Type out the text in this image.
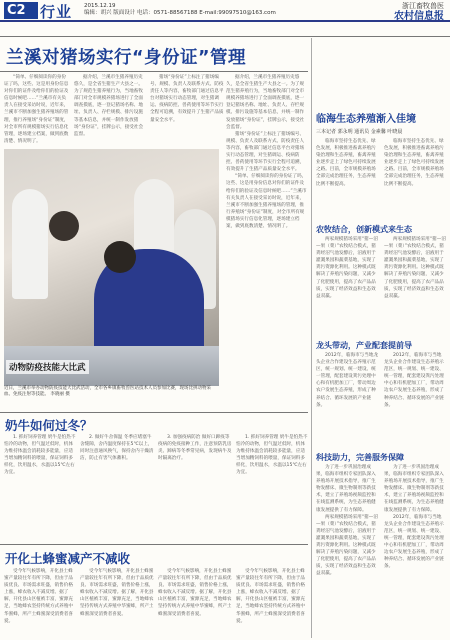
C2 行业 2015.12.19
编辑：胡兴 版面设计 电话：0571-88567188 E-mail:99097510@163.com
浙江畜牧兽医
农村信息报
兰溪对猪场实行“身份证”管理

“简单、仔细阅读你的身份证了吗，这些、这是用身份信息对你们的证件及给你们的验证及信息时候吧……”兰溪市有关负责人在接受采访时说，近年来，兰溪市不断加强生猪养殖场的管理，推行养殖场“身份证”制度，对全市所有规模猪场实行信息化管理，逐场建立档案，做到底数清楚、情况明了。

据介绍，兰溪市生猪养殖历史悠久，是全省生猪生产大县之一。为了规范生猪养殖行为，当地畜牧部门对全市规模养猪场进行了全面调查摸底，逐一登记猪场名称、地址、负责人、存栏规模、排污设施等基本信息，并统一制作发放猪场“身份证”，挂牌公示，接受社会监督。

猪场“身份证”上标注了猪场编号、规模、负责人及联系方式、防疫责任人等内容，畜牧部门通过信息平台对猪场实行动态管理，对生猪调运、疫病防控、兽药使用等环节实行全程可追溯，有效提升了生猪产品质量安全水平。

据介绍，兰溪市生猪养殖历史悠久，是全省生猪生产大县之一。为了规范生猪养殖行为，当地畜牧部门对全市规模养猪场进行了全面调查摸底，逐一登记猪场名称、地址、负责人、存栏规模、排污设施等基本信息，并统一制作发放猪场“身份证”，挂牌公示，接受社会监督。

猪场“身份证”上标注了猪场编号、规模、负责人及联系方式、防疫责任人等内容，畜牧部门通过信息平台对猪场实行动态管理，对生猪调运、疫病防控、兽药使用等环节实行全程可追溯，有效提升了生猪产品质量安全水平。

“简单、仔细阅读你的身份证了吗，这些、这是用身份信息对你们的证件及给你们的验证及信息时候吧……”兰溪市有关负责人在接受采访时说，近年来，兰溪市不断加强生猪养殖场的管理，推行养殖场“身份证”制度，对全市所有规模猪场实行信息化管理，逐场建立档案，做到底数清楚、情况明了。

动物防疫技能大比武
近日，兰溪市举办动物防疫技能大比武活动，全市各乡镇畜牧兽医站技术人员参加比赛，现场比拼动物采血、免疫注射等技能。 李晓丽 摄
奶牛如何过冬？

1. 抓好饲养管理 奶牛是怕热不怕冷的动物，但气温过低时，机体为维持体温会消耗较多能量，应适当增加精饲料的喂量，保证饲料多样化，饮用温水，水温以15℃左右为宜。

2. 做好牛舍保温 冬季应堵塞牛舍缝隙，舍内温度保持在5℃以上，同时注意通风换气，保持舍内干燥清洁，防止有害气体蓄积。

3. 加强疫病防治 做好口蹄疫等疫病的免疫接种工作，注意预防乳房炎、蹄病等冬季常见病，发现病牛及时隔离治疗。

1. 抓好饲养管理 奶牛是怕热不怕冷的动物，但气温过低时，机体为维持体温会消耗较多能量，应适当增加精饲料的喂量，保证饲料多样化，饮用温水，水温以15℃左右为宜。

开化土蜂蜜减产不减收

受今年气候影响，开化县土蜂蜜产量较往年有所下降，但由于品质优良、市场需求旺盛，销售价格上涨，蜂农收入不减反增。据了解，开化县山区植被丰富，蜜源充足，当地蜂农坚持传统方式养殖中华蜜蜂，所产土蜂蜜深受消费者喜爱。

受今年气候影响，开化县土蜂蜜产量较往年有所下降，但由于品质优良、市场需求旺盛，销售价格上涨，蜂农收入不减反增。据了解，开化县山区植被丰富，蜜源充足，当地蜂农坚持传统方式养殖中华蜜蜂，所产土蜂蜜深受消费者喜爱。

受今年气候影响，开化县土蜂蜜产量较往年有所下降，但由于品质优良、市场需求旺盛，销售价格上涨，蜂农收入不减反增。据了解，开化县山区植被丰富，蜜源充足，当地蜂农坚持传统方式养殖中华蜜蜂，所产土蜂蜜深受消费者喜爱。

受今年气候影响，开化县土蜂蜜产量较往年有所下降，但由于品质优良、市场需求旺盛，销售价格上涨，蜂农收入不减反增。据了解，开化县山区植被丰富，蜜源充足，当地蜂农坚持传统方式养殖中华蜜蜂，所产土蜂蜜深受消费者喜爱。

临海生态养殖渐入佳境
三本记者 郭永明 通讯员 金素馨 叶晓晨

临海市坚持生态优先、绿色发展，积极推进畜禽养殖污染治理和生态养殖，畜禽养殖业逐步走上了绿色可持续发展之路。目前，全市规模养殖场全部完成治理任务，生态养殖比例不断提高。

临海市坚持生态优先、绿色发展，积极推进畜禽养殖污染治理和生态养殖，畜禽养殖业逐步走上了绿色可持续发展之路。目前，全市规模养殖场全部完成治理任务，生态养殖比例不断提高。

农牧结合，创新模式来生态

两家规模猪场采用“猪—沼—果（菜）”农牧结合模式，猪粪经沼气池发酵后，沼液用于灌溉果园和蔬菜基地，实现了粪污资源化利用。这种模式既解决了养殖污染问题，又减少了化肥使用，提高了农产品品质，实现了经济效益和生态效益双赢。

两家规模猪场采用“猪—沼—果（菜）”农牧结合模式，猪粪经沼气池发酵后，沼液用于灌溉果园和蔬菜基地，实现了粪污资源化利用。这种模式既解决了养殖污染问题，又减少了化肥使用，提高了农产品品质，实现了经济效益和生态效益双赢。

龙头带动，产业配套提前导

2012年，临海市与当地龙头企业合作建设生态养殖示范区，统一规划、统一建设、统一管理，配套建设粪污处理中心和有机肥加工厂，带动周边农户发展生态养殖，形成了种养结合、循环发展的产业链条。

2012年，临海市与当地龙头企业合作建设生态养殖示范区，统一规划、统一建设、统一管理，配套建设粪污处理中心和有机肥加工厂，带动周边农户发展生态养殖，形成了种养结合、循环发展的产业链条。

科技助力，完善服务保障

为了进一步巩固治理成果，临海市组织专家团队深入养殖场开展技术指导，推广生物发酵床、微生物制剂等新技术，建立了养殖场视频监控和在线监测系统，为生态养殖健康发展提供了有力保障。

两家规模猪场采用“猪—沼—果（菜）”农牧结合模式，猪粪经沼气池发酵后，沼液用于灌溉果园和蔬菜基地，实现了粪污资源化利用。这种模式既解决了养殖污染问题，又减少了化肥使用，提高了农产品品质，实现了经济效益和生态效益双赢。

为了进一步巩固治理成果，临海市组织专家团队深入养殖场开展技术指导，推广生物发酵床、微生物制剂等新技术，建立了养殖场视频监控和在线监测系统，为生态养殖健康发展提供了有力保障。

2012年，临海市与当地龙头企业合作建设生态养殖示范区，统一规划、统一建设、统一管理，配套建设粪污处理中心和有机肥加工厂，带动周边农户发展生态养殖，形成了种养结合、循环发展的产业链条。
